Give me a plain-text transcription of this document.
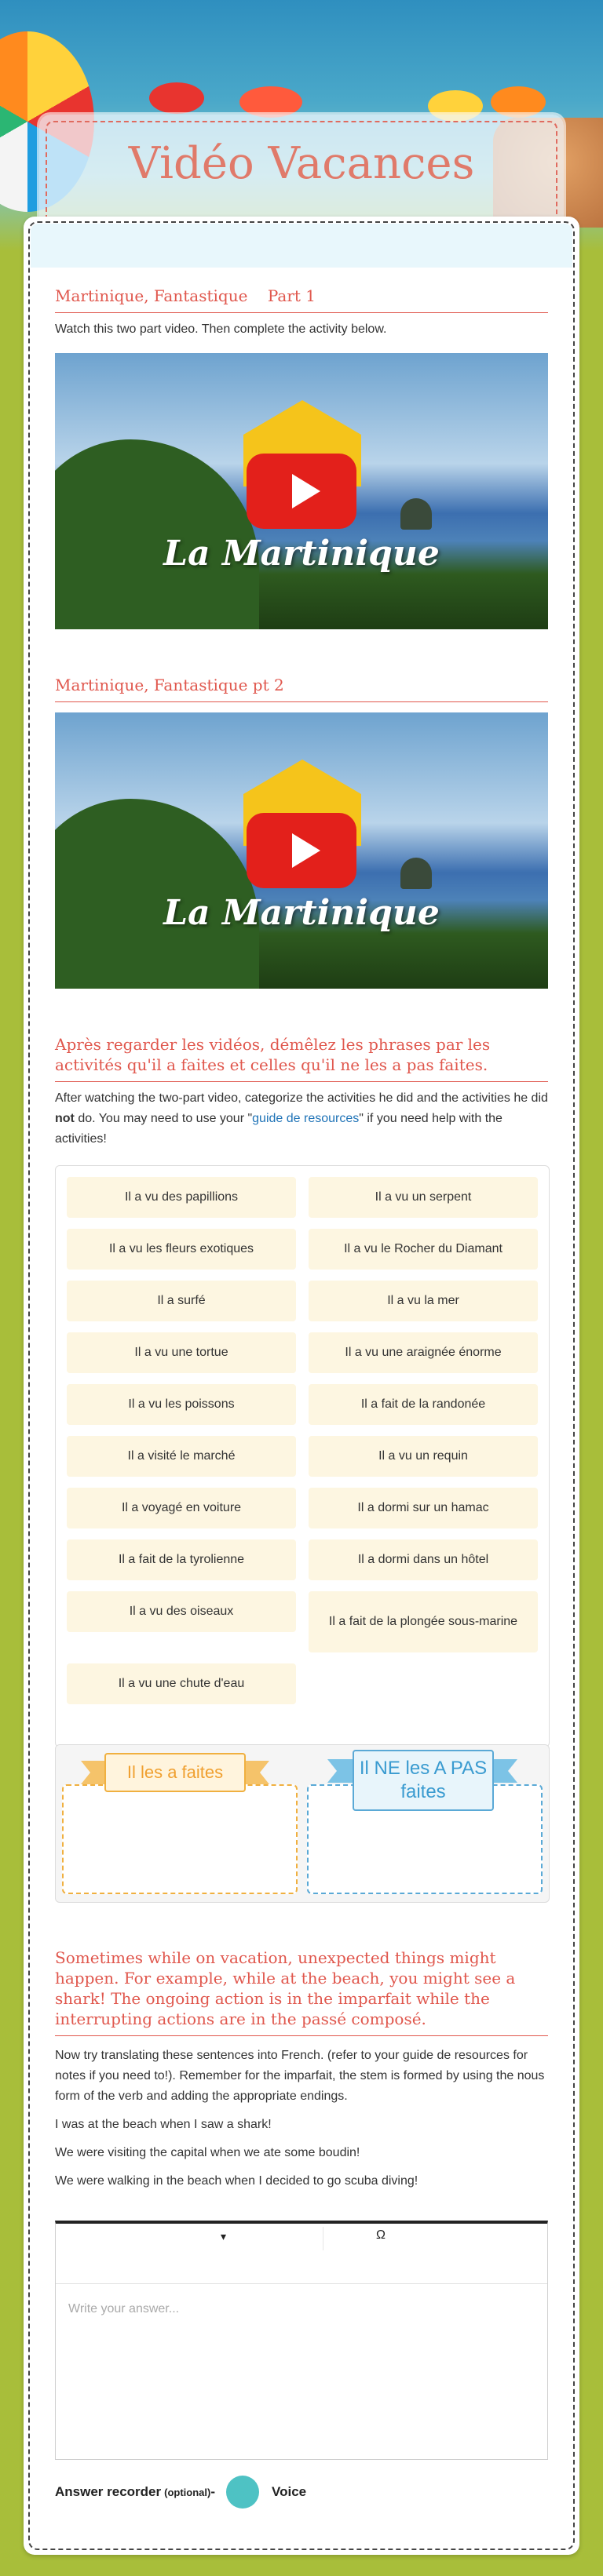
Vidéo Vacances
Martinique, Fantastique    Part 1
Watch this two part video. Then complete the activity below.
La Martinique
Martinique, Fantastique pt 2
La Martinique
Après regarder les vidéos, démêlez les phrases par les activités qu'il a faites et celles qu'il ne les a pas faites.
After watching the two-part video, categorize the activities he did and the activities he did not do. You may need to use your "guide de resources" if you need help with the activities!
Il a vu des papillions	Il a vu un serpent
Il a vu les fleurs exotiques	Il a vu le Rocher du Diamant
Il a surfé	Il a vu la mer
Il a vu une tortue	Il a vu une araignée énorme
Il a vu les poissons	Il a fait de la randonée
Il a visité le marché	Il a vu un requin
Il a voyagé en voiture	Il a dormi sur un hamac
Il a fait de la tyrolienne	Il a dormi dans un hôtel
Il a vu des oiseaux
Il a fait de la plongée sous-marine
Il a vu une chute d'eau
Il les a faites	Il NE les A PAS faites
Sometimes while on vacation, unexpected things might happen. For example, while at the beach, you might see a shark! The ongoing action is in the imparfait while the interrupting actions are in the passé composé.
Now try translating these sentences into French. (refer to your guide de resources for notes if you need to!). Remember for the imparfait, the stem is formed by using the nous form of the verb and adding the appropriate endings.
I was at the beach when I saw a shark!
We were visiting the capital when we ate some boudin!
We were walking in the beach when I decided to go scuba diving!
▾	Ω
Write your answer...
Answer recorder (optional) -	Voice
